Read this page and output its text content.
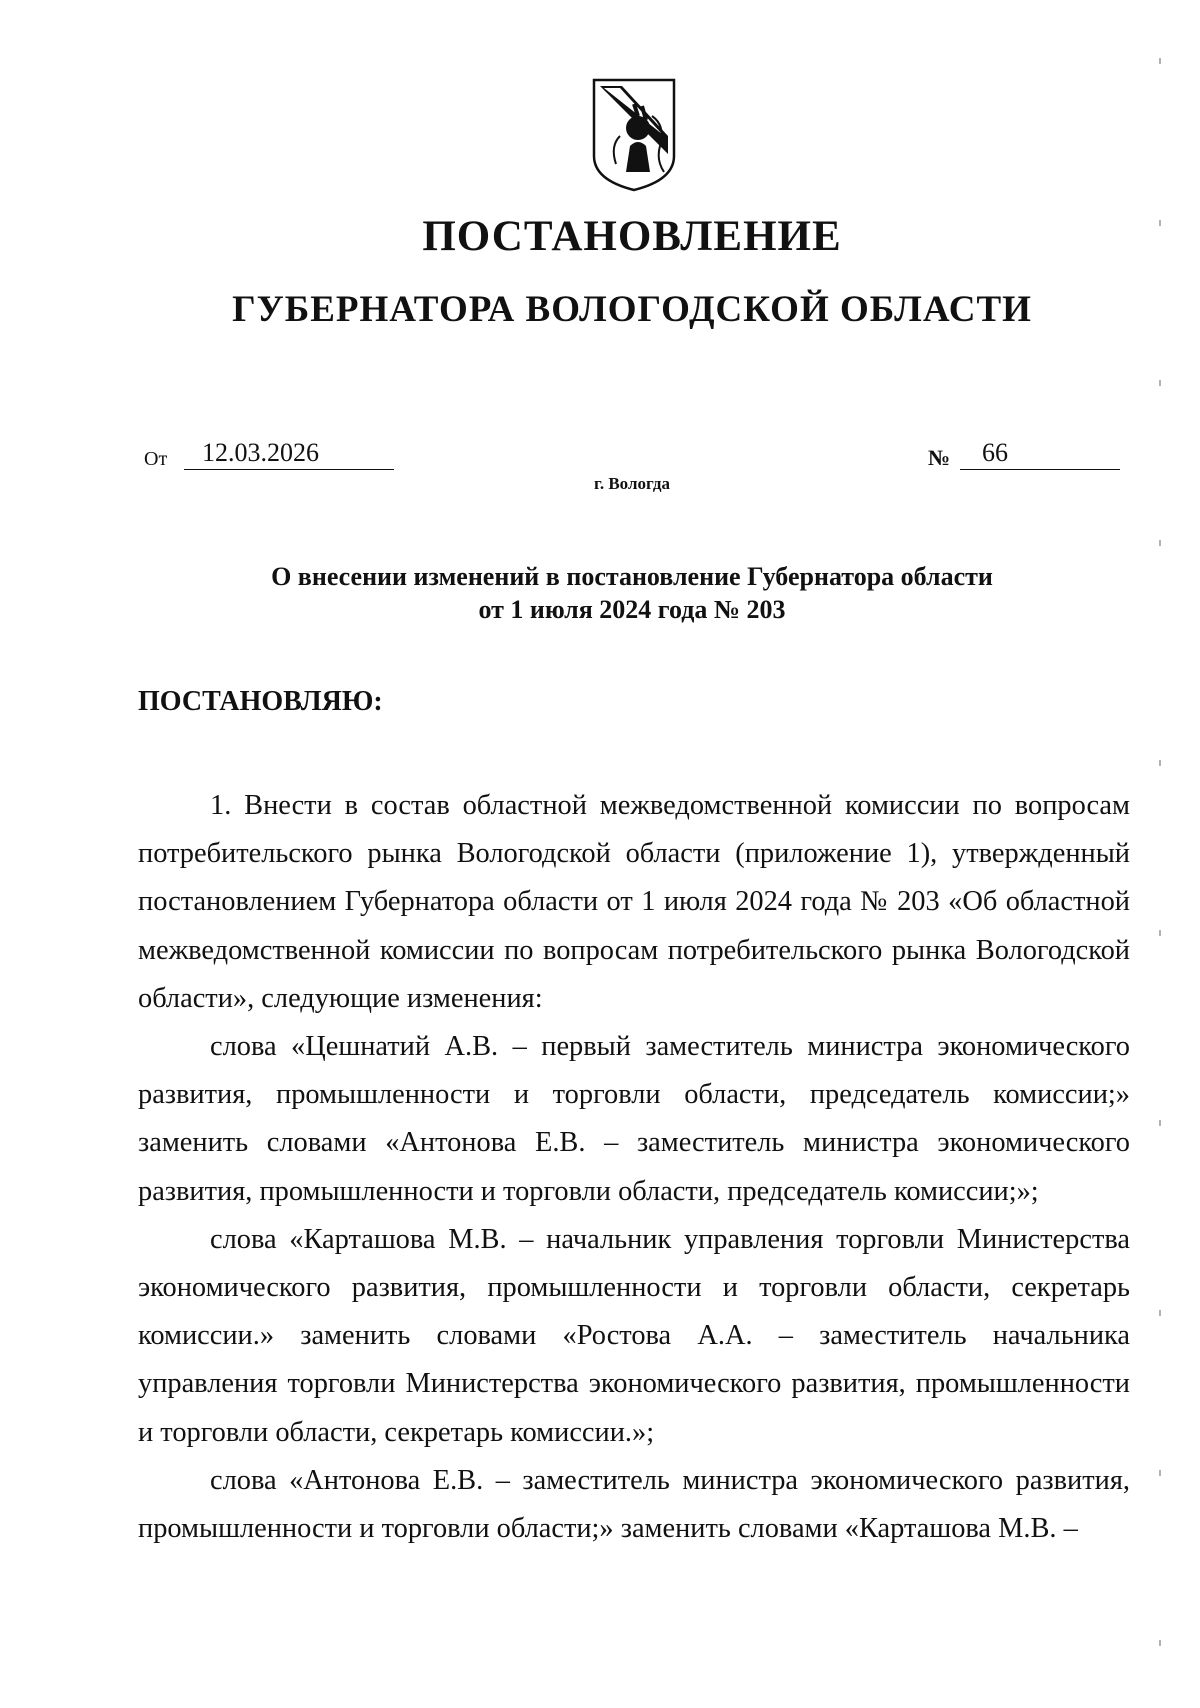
ПОСТАНОВЛЕНИЕ
ГУБЕРНАТОРА ВОЛОГОДСКОЙ ОБЛАСТИ
От	12.03.2026	№	66
г. Вологда
О внесении изменений в постановление Губернатора области
от 1 июля 2024 года № 203
ПОСТАНОВЛЯЮ:

1. Внести в состав областной межведомственной комиссии по вопросам потребительского рынка Вологодской области (приложение 1), утвержденный постановлением Губернатора области от 1 июля 2024 года № 203 «Об областной межведомственной комиссии по вопросам потребительского рынка Вологодской области», следующие изменения:

слова «Цешнатий А.В. – первый заместитель министра экономического развития, промышленности и торговли области, председатель комиссии;» заменить словами «Антонова Е.В. – заместитель министра экономического развития, промышленности и торговли области, председатель комиссии;»;

слова «Карташова М.В. – начальник управления торговли Министерства экономического развития, промышленности и торговли области, секретарь комиссии.» заменить словами «Ростова А.А. – заместитель начальника управления торговли Министерства экономического развития, промышленности и торговли области, секретарь комиссии.»;

слова «Антонова Е.В. – заместитель министра экономического развития, промышленности и торговли области;» заменить словами «Карташова М.В. –
